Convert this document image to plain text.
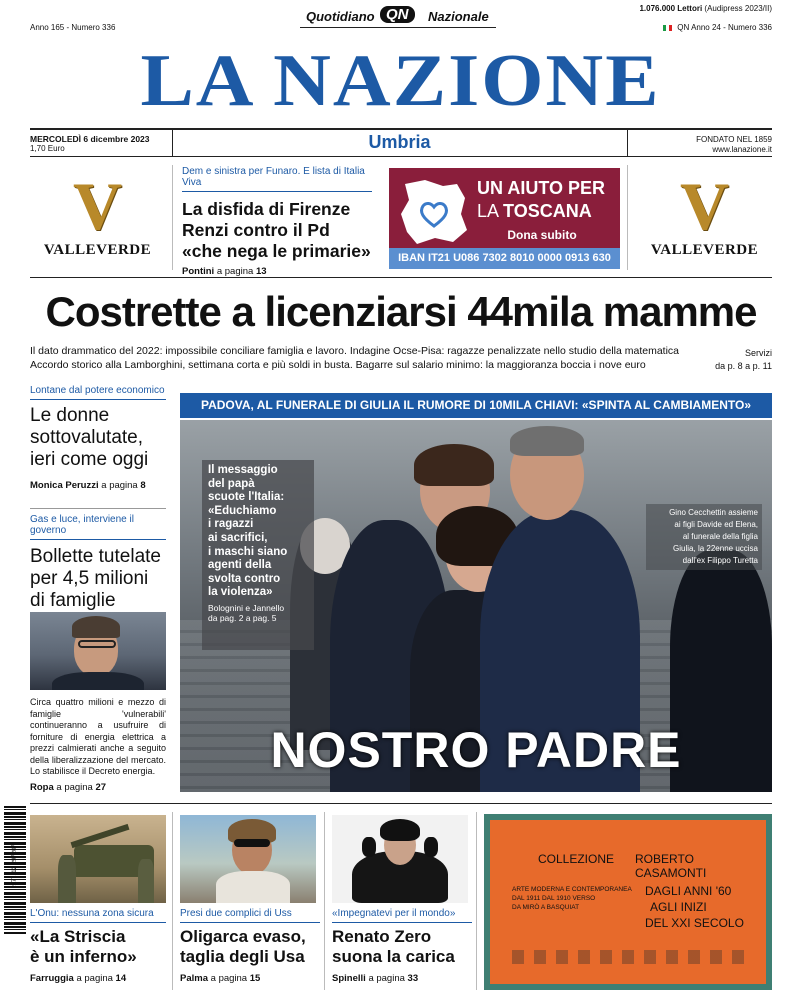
Quotidiano QN	Nazionale
1.076.000 Lettori (Audipress 2023/II)
Anno 165 - Numero 336	QN Anno 24 - Numero 336
LA NAZIONE
MERCOLEDÌ 6 dicembre 2023
1,70 Euro	Umbria	FONDATO NEL 1859
www.lanazione.it
V
VALLEVERDE
Dem e sinistra per Funaro. E lista di Italia Viva
La disfida di Firenze
Renzi contro il Pd
«che nega le primarie»
Pontini a pagina 13
UN AIUTO PER
LA TOSCANA
Dona subito
IBAN IT21 U086 7302 8010 0000 0913 630
V
VALLEVERDE
Costrette a licenziarsi 44mila mamme
Il dato drammatico del 2022: impossibile conciliare famiglia e lavoro. Indagine Ocse-Pisa: ragazze penalizzate nello studio della matematica
Accordo storico alla Lamborghini, settimana corta e più soldi in busta. Bagarre sul salario minimo: la maggioranza boccia i nove euro
Servizi
da p. 8 a p. 11
Lontane dal potere economico
Le donne
sottovalutate,
ieri come oggi
Monica Peruzzi a pagina 8
Gas e luce, interviene il governo
Bollette tutelate
per 4,5 milioni
di famiglie
Circa quattro milioni e mezzo di famiglie 'vulnerabili' continueranno a usufruire di forniture di energia elettrica a prezzi calmierati anche a seguito della liberalizzazione del mercato. Lo stabilisce il Decreto energia.
Ropa a pagina 27
PADOVA, AL FUNERALE DI GIULIA IL RUMORE DI 10MILA CHIAVI: «SPINTA AL CAMBIAMENTO»
Il messaggio
del papà
scuote l'Italia:
«Educhiamo
i ragazzi
ai sacrifici,
i maschi siano
agenti della
svolta contro
la violenza»
Bolognini e Jannello
da pag. 2 a pag. 5
Gino Cecchettin assieme
ai figli Davide ed Elena,
al funerale della figlia
Giulia, la 22enne uccisa
dall'ex Filippo Turetta
NOSTRO PADRE
977112 297207
L'Onu: nessuna zona sicura
«La Striscia
è un inferno»
Farruggia a pagina 14
Presi due complici di Uss
Oligarca evaso,
taglia degli Usa
Palma a pagina 15
«Impegnatevi per il mondo»
Renato Zero
suona la carica
Spinelli a pagina 33
COLLEZIONE ROBERTO CASAMONTI
ARTE MODERNA E CONTEMPORANEA
DAL 1911 DAL 1910 VERSO
DA MIRÒ A BASQUIAT
DAGLI ANNI '60
AGLI INIZI
DEL XXI SECOLO
